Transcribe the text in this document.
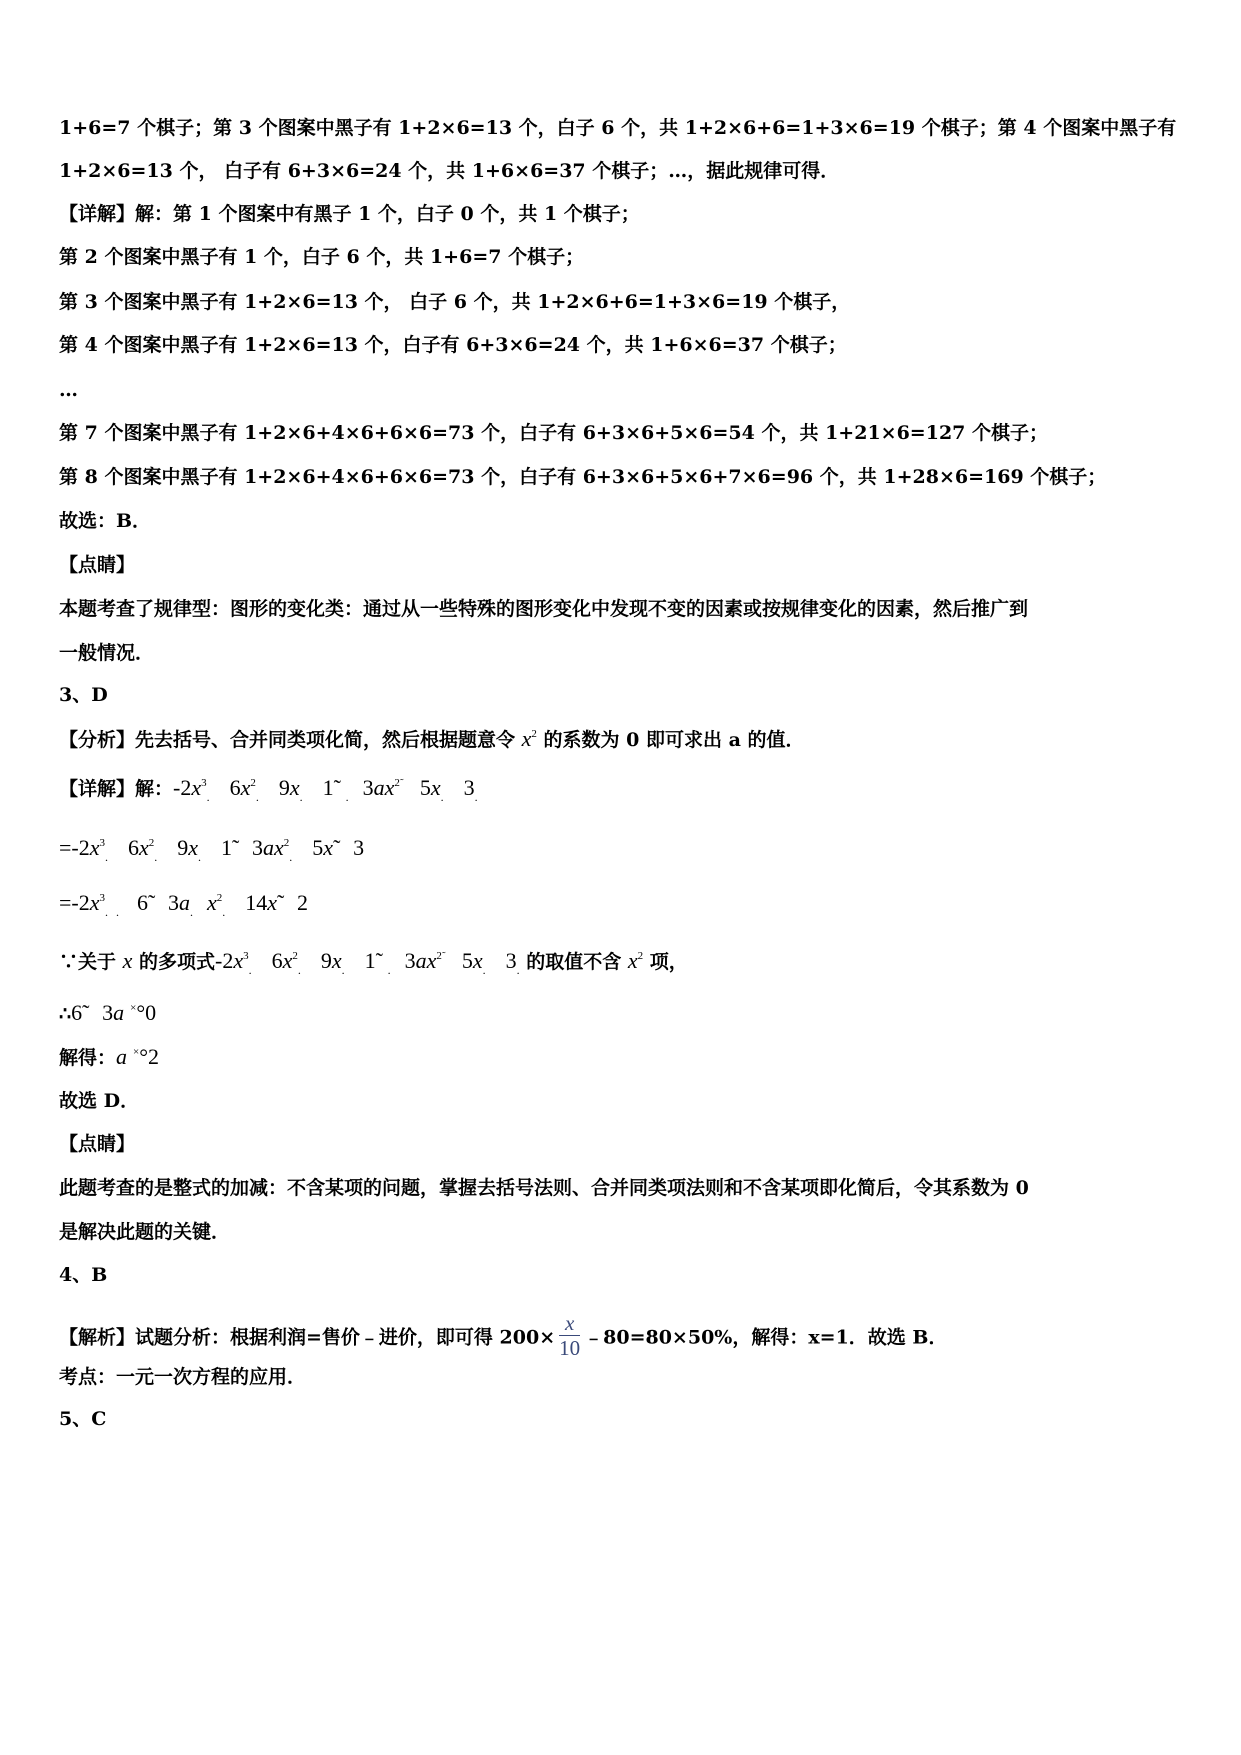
1+6=7 个棋子；第 3 个图案中黑子有 1+2×6=13 个，白子 6 个，共 1+2×6+6=1+3×6=19 个棋子；第 4 个图案中黑子有
1+2×6=13 个， 白子有 6+3×6=24 个，共 1+6×6=37 个棋子；…，据此规律可得．
【详解】解：第 1 个图案中有黑子 1 个，白子 0 个，共 1 个棋子；
第 2 个图案中黑子有 1 个，白子 6 个，共 1+6=7 个棋子；
第 3 个图案中黑子有 1+2×6=13 个， 白子 6 个，共 1+2×6+6=1+3×6=19 个棋子，
第 4 个图案中黑子有 1+2×6=13 个，白子有 6+3×6=24 个，共 1+6×6=37 个棋子；
…
第 7 个图案中黑子有 1+2×6+4×6+6×6=73 个，白子有 6+3×6+5×6=54 个，共 1+21×6=127 个棋子；
第 8 个图案中黑子有 1+2×6+4×6+6×6=73 个，白子有 6+3×6+5×6+7×6=96 个，共 1+28×6=169 个棋子；
故选：B．
【点睛】
本题考查了规律型：图形的变化类：通过从一些特殊的图形变化中发现不变的因素或按规律变化的因素，然后推广到
一般情况．
3、D
【分析】先去括号、合并同类项化简，然后根据题意令 $x^2$ 的系数为 0 即可求出 a 的值．
【详解】解：$-2x^3_.$ $6x^2_.$ $9x_.$ 1̃ $_.$ $3ax^{2̃}$ $5x_.$ $3_.$
$=-2x^3_.$ $6x^2_.$ $9x_.$ 1̃ $3ax^2_.$ 5x 3
$=-2x^3_.$ $_.$ 6̃ $3a_.$ $x^2_.$ 14x 2
∵关于 x 的多项式$-2x^3_.$ $6x^2_.$ $9x_.$ 1̃ $_.$ $3ax^{2̃}$ $5x_.$ $3_.$ 的取值不含 $x^2$ 项，
∴6̃ 3a ×°0
解得：a ×°2
故选 D．
【点睛】
此题考查的是整式的加减：不含某项的问题，掌握去括号法则、合并同类项法则和不含某项即化简后，令其系数为 0
是解决此题的关键．
4、B
【解析】试题分析：根据利润=售价﹣进价，即可得 $200\times \frac{x}{10}$ ﹣80=80×50%，解得：x=1．故选 B．
考点：一元一次方程的应用．
5、C
